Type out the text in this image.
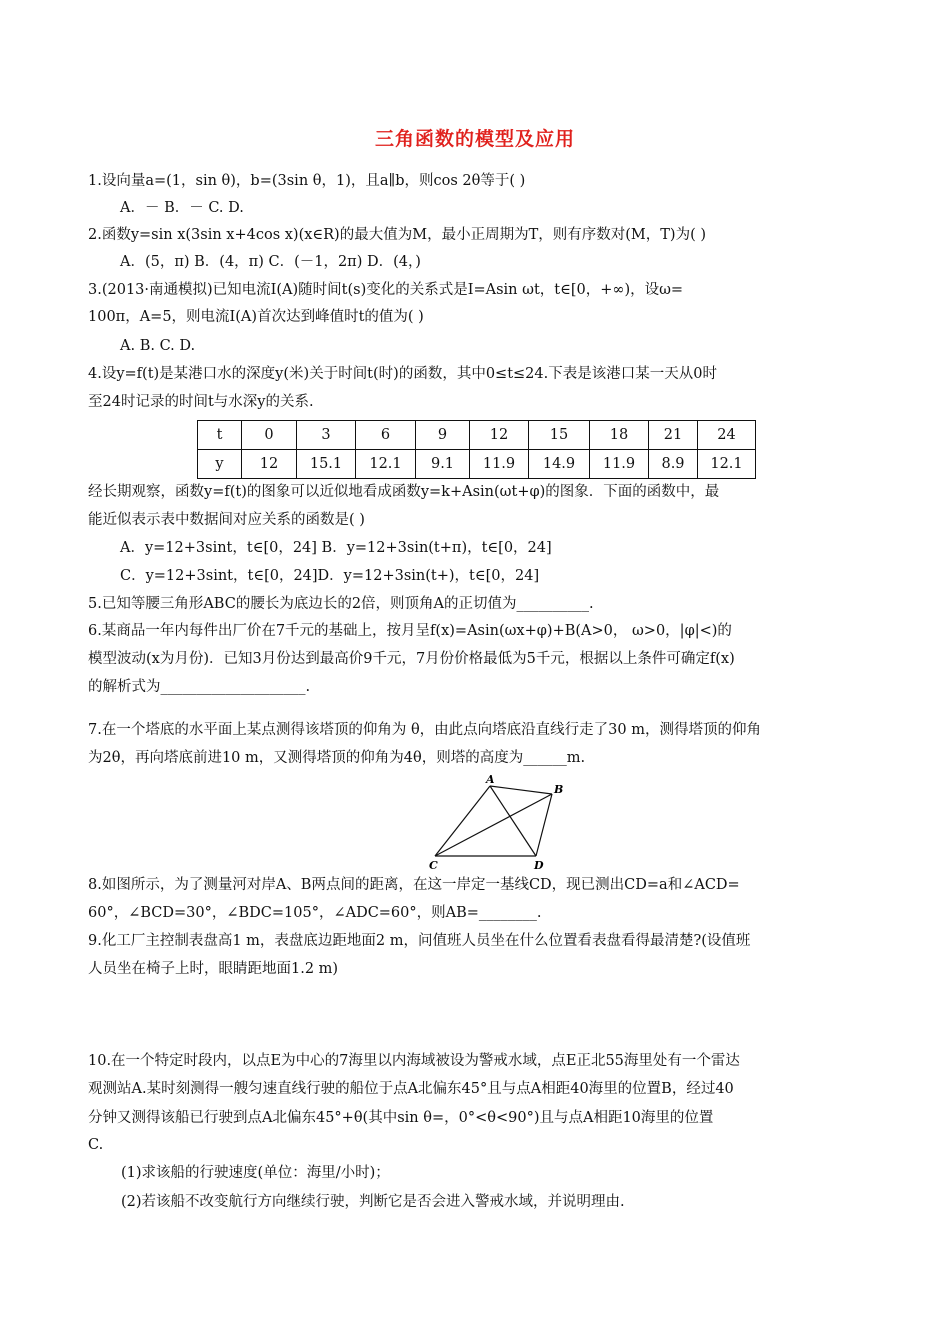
三角函数的模型及应用
1.设向量a=(1，sin θ)，b=(3sin θ，1)，且a∥b，则cos 2θ等于( )
A．－ B．－ C. D.
2.函数y=sin x(3sin x+4cos x)(x∈R)的最大值为M，最小正周期为T，则有序数对(M，T)为( )
A．(5，π) B．(4，π) C．(－1，2π) D．(4，)
3.(2013·南通模拟)已知电流I(A)随时间t(s)变化的关系式是I=Asin ωt，t∈[0，+∞)，设ω=
100π，A=5，则电流I(A)首次达到峰值时t的值为( )
A. B. C. D.
4.设y=f(t)是某港口水的深度y(米)关于时间t(时)的函数，其中0≤t≤24.下表是该港口某一天从0时
至24时记录的时间t与水深y的关系.
t	0	3	6	9	12	15	18	21	24
y	12	15.1	12.1	9.1	11.9	14.9	11.9	8.9	12.1
经长期观察，函数y=f(t)的图象可以近似地看成函数y=k+Asin(ωt+φ)的图象．下面的函数中，最
能近似表示表中数据间对应关系的函数是( )
A．y=12+3sint，t∈[0，24] B．y=12+3sin(t+π)，t∈[0，24]
C．y=12+3sint，t∈[0，24]D．y=12+3sin(t+)，t∈[0，24]
5.已知等腰三角形ABC的腰长为底边长的2倍，则顶角A的正切值为__________.
6.某商品一年内每件出厂价在7千元的基础上，按月呈f(x)=Asin(ωx+φ)+B(A>0， ω>0，|φ|<)的
模型波动(x为月份)．已知3月份达到最高价9千元，7月份价格最低为5千元，根据以上条件可确定f(x)
的解析式为____________________.
7.在一个塔底的水平面上某点测得该塔顶的仰角为 θ，由此点向塔底沿直线行走了30 m，测得塔顶的仰角
为2θ，再向塔底前进10 m，又测得塔顶的仰角为4θ，则塔的高度为______m.
A
B
C	D
8.如图所示，为了测量河对岸A、B两点间的距离，在这一岸定一基线CD，现已测出CD=a和∠ACD=
60°，∠BCD=30°，∠BDC=105°，∠ADC=60°，则AB=________.
9.化工厂主控制表盘高1 m，表盘底边距地面2 m，问值班人员坐在什么位置看表盘看得最清楚?(设值班
人员坐在椅子上时，眼睛距地面1.2 m)
10.在一个特定时段内，以点E为中心的7海里以内海域被设为警戒水域，点E正北55海里处有一个雷达
观测站A.某时刻测得一艘匀速直线行驶的船位于点A北偏东45°且与点A相距40海里的位置B，经过40
分钟又测得该船已行驶到点A北偏东45°+θ(其中sin θ=，0°<θ<90°)且与点A相距10海里的位置
C.
(1)求该船的行驶速度(单位：海里/小时)；
(2)若该船不改变航行方向继续行驶，判断它是否会进入警戒水域，并说明理由.
